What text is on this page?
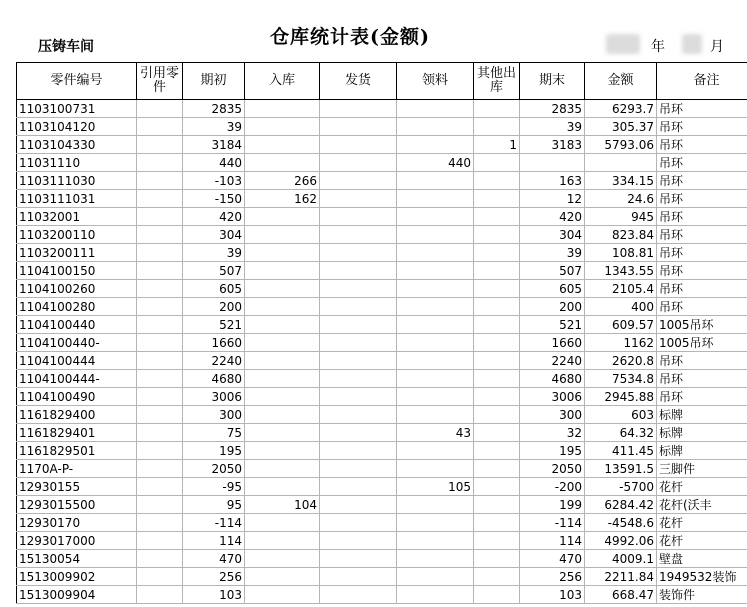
仓库统计表(金额)
压铸车间	年	月
零件编号	引用零件	期初	入库	发货	领料	其他出库	期末	金额	备注
1103100731		2835					2835	6293.7	吊环
1103104120		39					39	305.37	吊环
1103104330		3184				1	3183	5793.06	吊环
11031110		440			440				吊环
1103111030		-103	266				163	334.15	吊环
1103111031		-150	162				12	24.6	吊环
11032001		420					420	945	吊环
1103200110		304					304	823.84	吊环
1103200111		39					39	108.81	吊环
1104100150		507					507	1343.55	吊环
1104100260		605					605	2105.4	吊环
1104100280		200					200	400	吊环
1104100440		521					521	609.57	1005吊环
1104100440-		1660					1660	1162	1005吊环
1104100444		2240					2240	2620.8	吊环
1104100444-		4680					4680	7534.8	吊环
1104100490		3006					3006	2945.88	吊环
1161829400		300					300	603	标牌
1161829401		75			43		32	64.32	标牌
1161829501		195					195	411.45	标牌
1170A-P-		2050					2050	13591.5	三脚件
12930155		-95			105		-200	-5700	花杆
1293015500		95	104				199	6284.42	花杆(沃丰
12930170		-114					-114	-4548.6	花杆
1293017000		114					114	4992.06	花杆
15130054		470					470	4009.1	壁盘
1513009902		256					256	2211.84	1949532装饰
1513009904		103					103	668.47	装饰件
